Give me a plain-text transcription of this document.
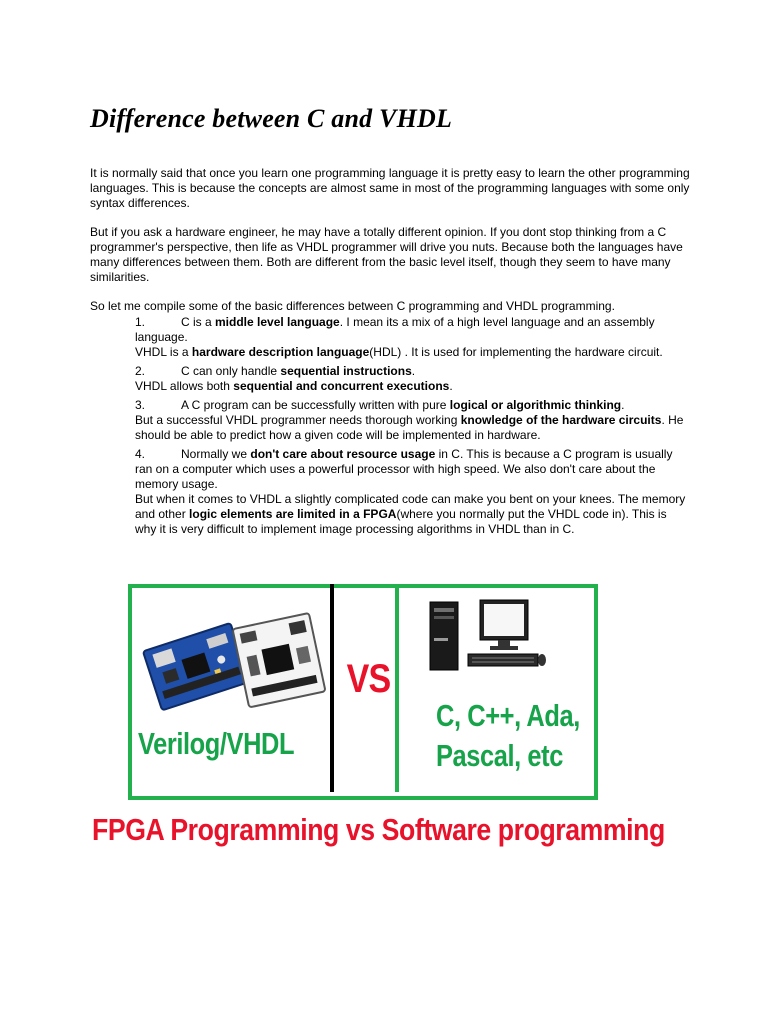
Difference between C and VHDL

It is normally said that once you learn one programming language it is pretty easy to learn the other programming languages. This is because the concepts are almost same in most of the programming languages with some only syntax differences.

But if you ask a hardware engineer, he may have a totally different opinion. If you dont stop thinking from a C programmer's perspective, then life as VHDL programmer will drive you nuts. Because both the languages have many differences between them. Both are different from the basic level itself, though they seem to have many similarities.

So let me compile some of the basic differences between C programming and VHDL programming.

1.	C is a middle level language. I mean its a mix of a high level language and an assembly language.

VHDL is a hardware description language(HDL) . It is used for implementing the hardware circuit.

2.	C can only handle sequential instructions.

VHDL allows both sequential and concurrent executions.

3.	A C program can be successfully written with pure logical or algorithmic thinking.

But a successful VHDL programmer needs thorough working knowledge of the hardware circuits. He should be able to predict how a given code will be implemented in hardware.

4.	Normally we don't care about resource usage in C. This is because a C program is usually ran on a computer which uses a powerful processor with high speed. We also don't care about the memory usage.

But when it comes to VHDL a slightly complicated code can make you bent on your knees. The memory and other logic elements are limited in a FPGA(where you normally put the VHDL code in). This is why it is very difficult to implement image processing algorithms in VHDL than in C.

VS
Verilog/VHDL
C, C++, Ada,
Pascal, etc
FPGA Programming vs Software programming
